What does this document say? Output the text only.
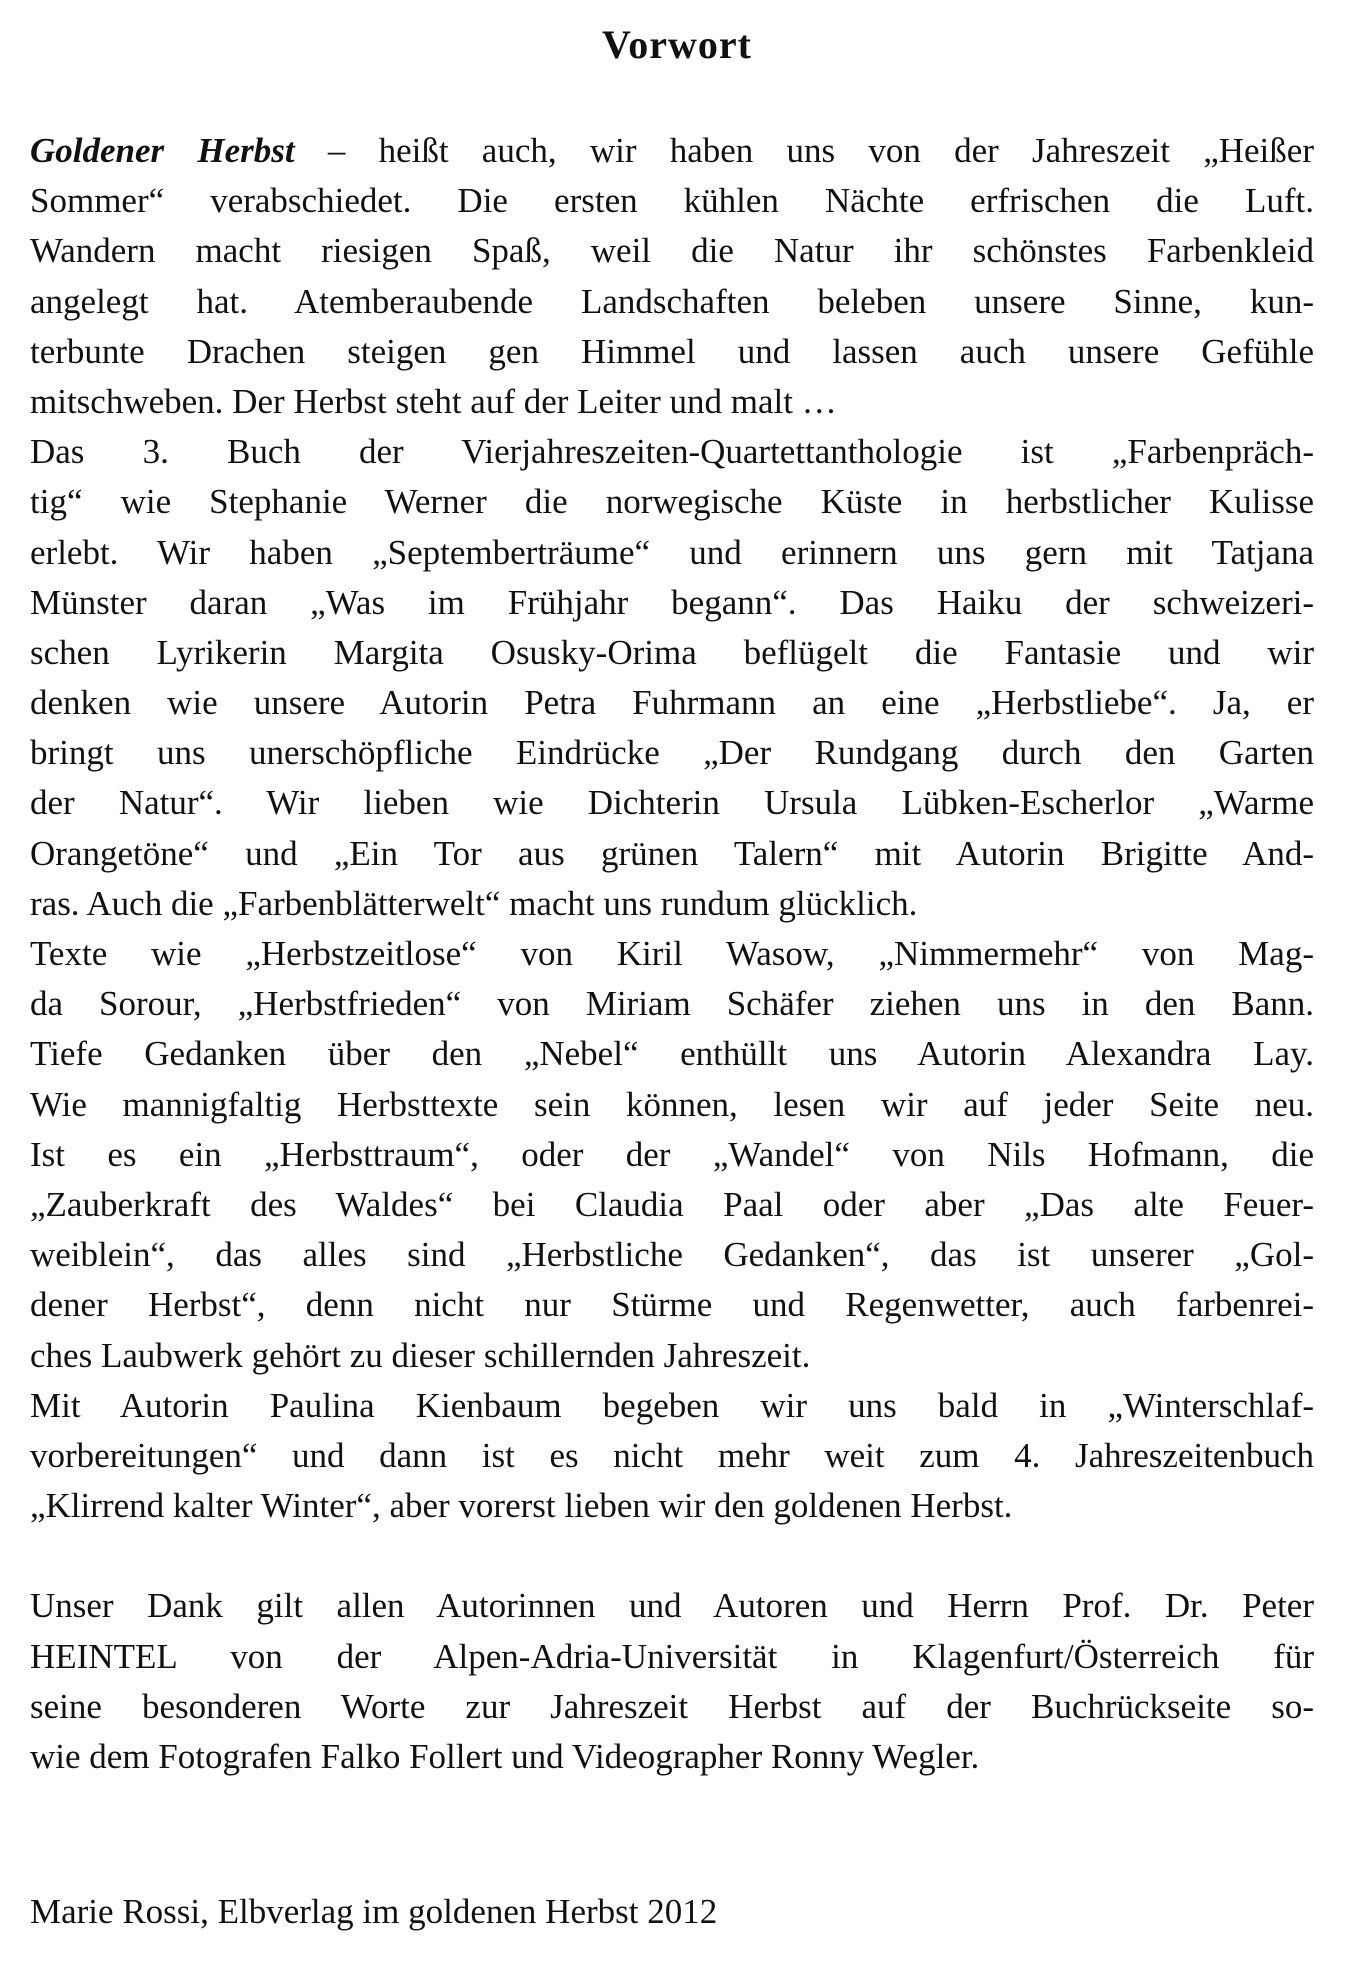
Vorwort
Goldener Herbst – heißt auch, wir haben uns von der Jahreszeit „Heißer
Sommer“ verabschiedet. Die ersten kühlen Nächte erfrischen die Luft.
Wandern macht riesigen Spaß, weil die Natur ihr schönstes Farbenkleid
angelegt hat. Atemberaubende Landschaften beleben unsere Sinne, kun-
terbunte Drachen steigen gen Himmel und lassen auch unsere Gefühle
mitschweben. Der Herbst steht auf der Leiter und malt …
Das 3. Buch der Vierjahreszeiten-Quartettanthologie ist „Farbenpräch-
tig“ wie Stephanie Werner die norwegische Küste in herbstlicher Kulisse
erlebt. Wir haben „Septemberträume“ und erinnern uns gern mit Tatjana
Münster daran „Was im Frühjahr begann“. Das Haiku der schweizeri-
schen Lyrikerin Margita Osusky-Orima beflügelt die Fantasie und wir
denken wie unsere Autorin Petra Fuhrmann an eine „Herbstliebe“. Ja, er
bringt uns unerschöpfliche Eindrücke „Der Rundgang durch den Garten
der Natur“. Wir lieben wie Dichterin Ursula Lübken-Escherlor „Warme
Orangetöne“ und „Ein Tor aus grünen Talern“ mit Autorin Brigitte And-
ras. Auch die „Farbenblätterwelt“ macht uns rundum glücklich.
Texte wie „Herbstzeitlose“ von Kiril Wasow, „Nimmermehr“ von Mag-
da Sorour, „Herbstfrieden“ von Miriam Schäfer ziehen uns in den Bann.
Tiefe Gedanken über den „Nebel“ enthüllt uns Autorin Alexandra Lay.
Wie mannigfaltig Herbsttexte sein können, lesen wir auf jeder Seite neu.
Ist es ein „Herbsttraum“, oder der „Wandel“ von Nils Hofmann, die
„Zauberkraft des Waldes“ bei Claudia Paal oder aber „Das alte Feuer-
weiblein“, das alles sind „Herbstliche Gedanken“, das ist unserer „Gol-
dener Herbst“, denn nicht nur Stürme und Regenwetter, auch farbenrei-
ches Laubwerk gehört zu dieser schillernden Jahreszeit.
Mit Autorin Paulina Kienbaum begeben wir uns bald in „Winterschlaf-
vorbereitungen“ und dann ist es nicht mehr weit zum 4. Jahreszeitenbuch
„Klirrend kalter Winter“, aber vorerst lieben wir den goldenen Herbst.
Unser Dank gilt allen Autorinnen und Autoren und Herrn Prof. Dr. Peter
HEINTEL von der Alpen-Adria-Universität in Klagenfurt/Österreich für
seine besonderen Worte zur Jahreszeit Herbst auf der Buchrückseite so-
wie dem Fotografen Falko Follert und Videographer Ronny Wegler.
Marie Rossi, Elbverlag im goldenen Herbst 2012
